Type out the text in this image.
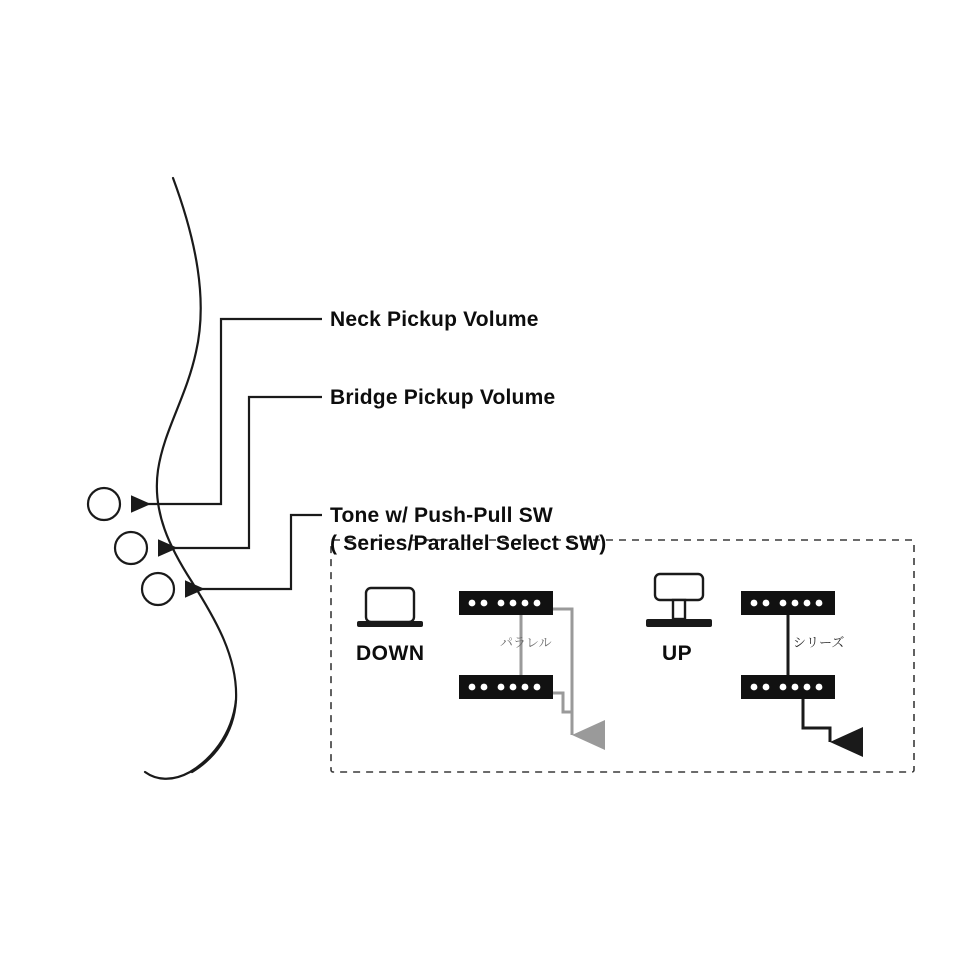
Neck Pickup Volume
Bridge Pickup Volume
Tone w/ Push-Pull SW
( Series/Parallel Select SW)
DOWN	UP
パラレル	シリーズ
